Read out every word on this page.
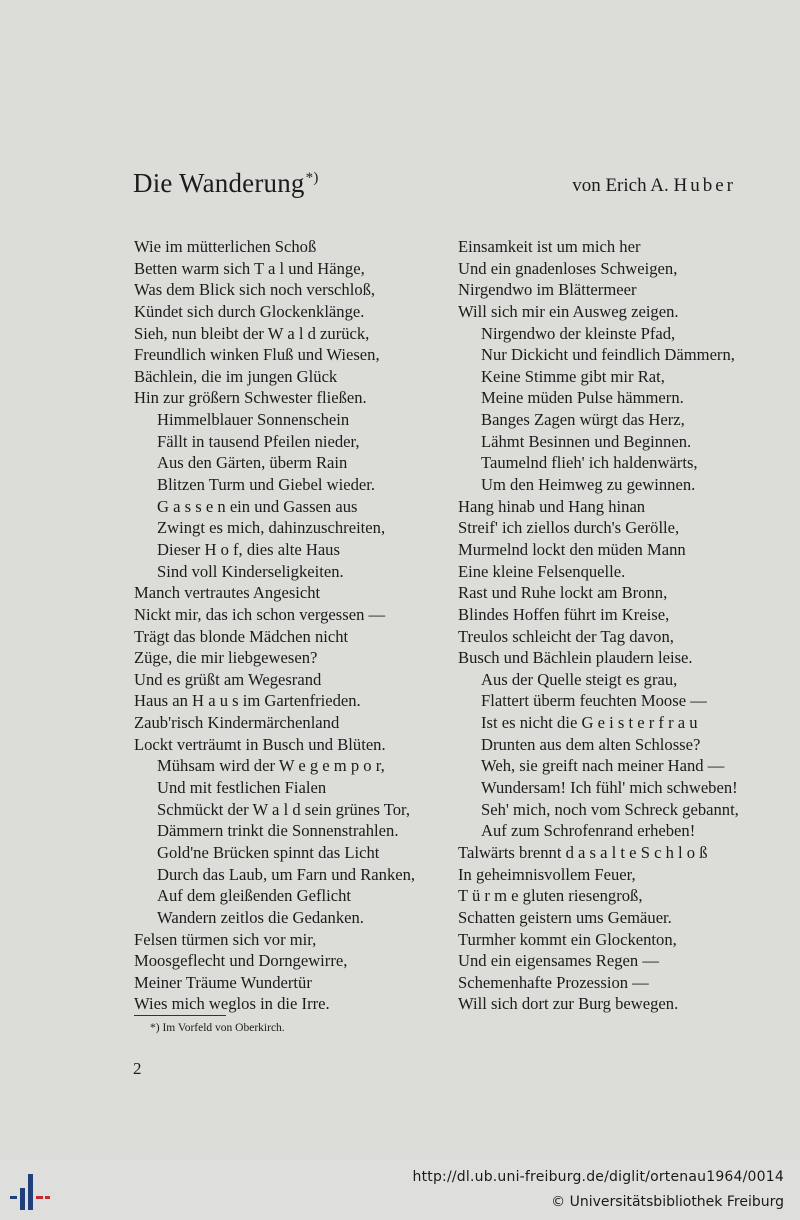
Die Wanderung*)	von Erich A. Huber
Wie im mütterlichen Schoß
Betten warm sich T a l und Hänge,
Was dem Blick sich noch verschloß,
Kündet sich durch Glockenklänge.
Sieh, nun bleibt der W a l d zurück,
Freundlich winken Fluß und Wiesen,
Bächlein, die im jungen Glück
Hin zur größern Schwester fließen.
Himmelblauer Sonnenschein
Fällt in tausend Pfeilen nieder,
Aus den Gärten, überm Rain
Blitzen Turm und Giebel wieder.
G a s s e n ein und Gassen aus
Zwingt es mich, dahinzuschreiten,
Dieser H o f, dies alte Haus
Sind voll Kinderseligkeiten.
Manch vertrautes Angesicht
Nickt mir, das ich schon vergessen —
Trägt das blonde Mädchen nicht
Züge, die mir liebgewesen?
Und es grüßt am Wegesrand
Haus an H a u s im Gartenfrieden.
Zaub'risch Kindermärchenland
Lockt verträumt in Busch und Blüten.
Mühsam wird der W e g e m p o r,
Und mit festlichen Fialen
Schmückt der W a l d sein grünes Tor,
Dämmern trinkt die Sonnenstrahlen.
Gold'ne Brücken spinnt das Licht
Durch das Laub, um Farn und Ranken,
Auf dem gleißenden Geflicht
Wandern zeitlos die Gedanken.
Felsen türmen sich vor mir,
Moosgeflecht und Dorngewirre,
Meiner Träume Wundertür
Wies mich weglos in die Irre.
Einsamkeit ist um mich her
Und ein gnadenloses Schweigen,
Nirgendwo im Blättermeer
Will sich mir ein Ausweg zeigen.
Nirgendwo der kleinste Pfad,
Nur Dickicht und feindlich Dämmern,
Keine Stimme gibt mir Rat,
Meine müden Pulse hämmern.
Banges Zagen würgt das Herz,
Lähmt Besinnen und Beginnen.
Taumelnd flieh' ich haldenwärts,
Um den Heimweg zu gewinnen.
Hang hinab und Hang hinan
Streif' ich ziellos durch's Gerölle,
Murmelnd lockt den müden Mann
Eine kleine Felsenquelle.
Rast und Ruhe lockt am Bronn,
Blindes Hoffen führt im Kreise,
Treulos schleicht der Tag davon,
Busch und Bächlein plaudern leise.
Aus der Quelle steigt es grau,
Flattert überm feuchten Moose —
Ist es nicht die G e i s t e r f r a u
Drunten aus dem alten Schlosse?
Weh, sie greift nach meiner Hand —
Wundersam! Ich fühl' mich schweben!
Seh' mich, noch vom Schreck gebannt,
Auf zum Schrofenrand erheben!
Talwärts brennt d a s a l t e S c h l o ß
In geheimnisvollem Feuer,
T ü r m e gluten riesengroß,
Schatten geistern ums Gemäuer.
Turmher kommt ein Glockenton,
Und ein eigensames Regen —
Schemenhafte Prozession —
Will sich dort zur Burg bewegen.
*) Im Vorfeld von Oberkirch.
2
http://dl.ub.uni-freiburg.de/diglit/ortenau1964/0014
© Universitätsbibliothek Freiburg
